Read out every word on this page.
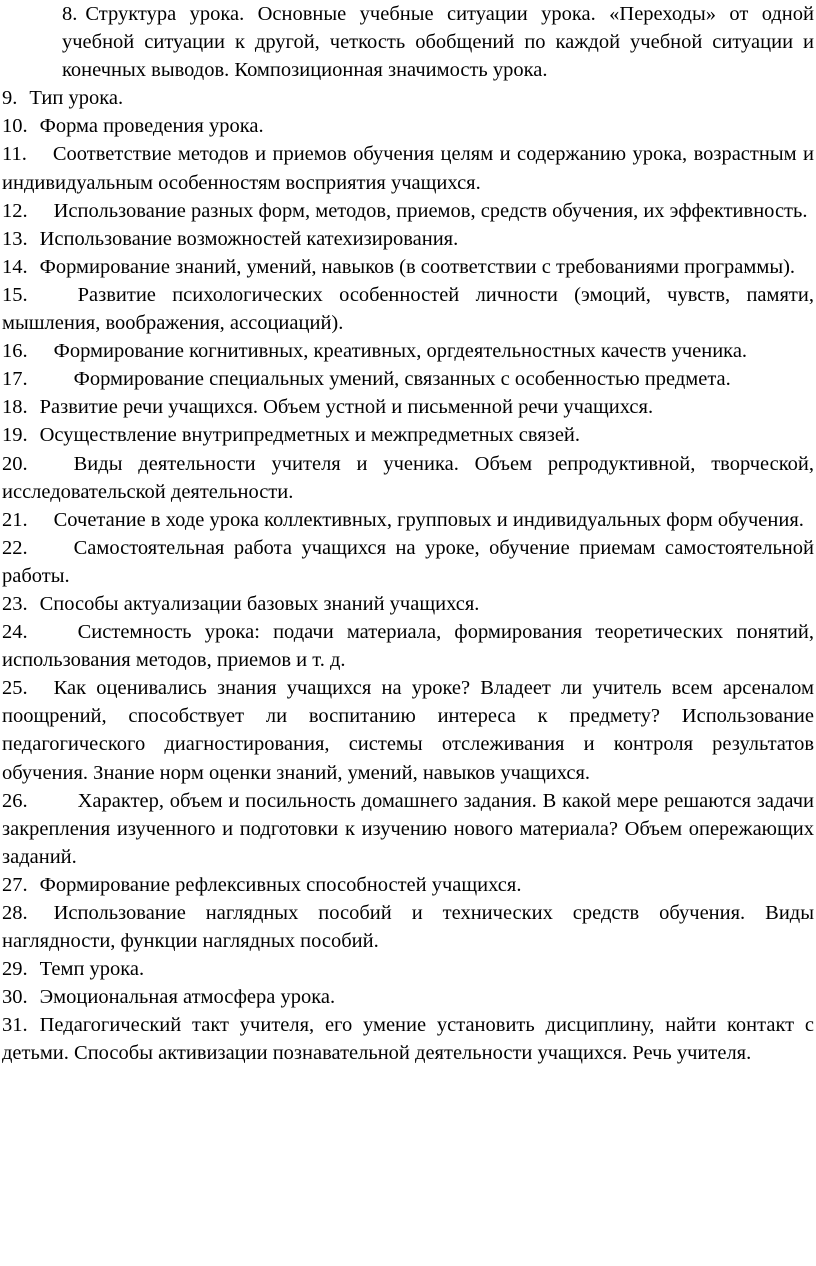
8. Структура урока. Основные учебные ситуации урока. «Переходы» от одной учебной ситуации к другой, четкость обобщений по каждой учебной ситуации и конечных выводов. Композиционная значимость урока.

9. Тип урока.

10. Форма проведения урока.

11. Соответствие методов и приемов обучения целям и содержанию урока, возрастным и индивидуальным особенностям восприятия учащихся.

12. Использование разных форм, методов, приемов, средств обучения, их эффективность.

13. Использование возможностей катехизирования.

14. Формирование знаний, умений, навыков (в соответствии с требованиями программы).

15. Развитие психологических особенностей личности (эмоций, чувств, памяти, мышления, воображения, ассоциаций).

16. Формирование когнитивных, креативных, оргдеятельностных качеств ученика.

17. Формирование специальных умений, связанных с особенностью предмета.

18. Развитие речи учащихся. Объем устной и письменной речи учащихся.

19. Осуществление внутрипредметных и межпредметных связей.

20. Виды деятельности учителя и ученика. Объем репродуктивной, творческой, исследовательской деятельности.

21. Сочетание в ходе урока коллективных, групповых и индивидуальных форм обучения.

22. Самостоятельная работа учащихся на уроке, обучение приемам самостоятельной работы.

23. Способы актуализации базовых знаний учащихся.

24. Системность урока: подачи материала, формирования теоретических понятий, использования методов, приемов и т. д.

25. Как оценивались знания учащихся на уроке? Владеет ли учитель всем арсеналом поощрений, способствует ли воспитанию интереса к предмету? Использование педагогического диагностирования, системы отслеживания и контроля результатов обучения. Знание норм оценки знаний, умений, навыков учащихся.

26. Характер, объем и посильность домашнего задания. В какой мере решаются задачи закрепления изученного и подготовки к изучению нового материала? Объем опережающих заданий.

27. Формирование рефлексивных способностей учащихся.

28. Использование наглядных пособий и технических средств обучения. Виды наглядности, функции наглядных пособий.

29. Темп урока.

30. Эмоциональная атмосфера урока.

31. Педагогический такт учителя, его умение установить дисциплину, найти контакт с детьми. Способы активизации познавательной деятельности учащихся. Речь учителя.
